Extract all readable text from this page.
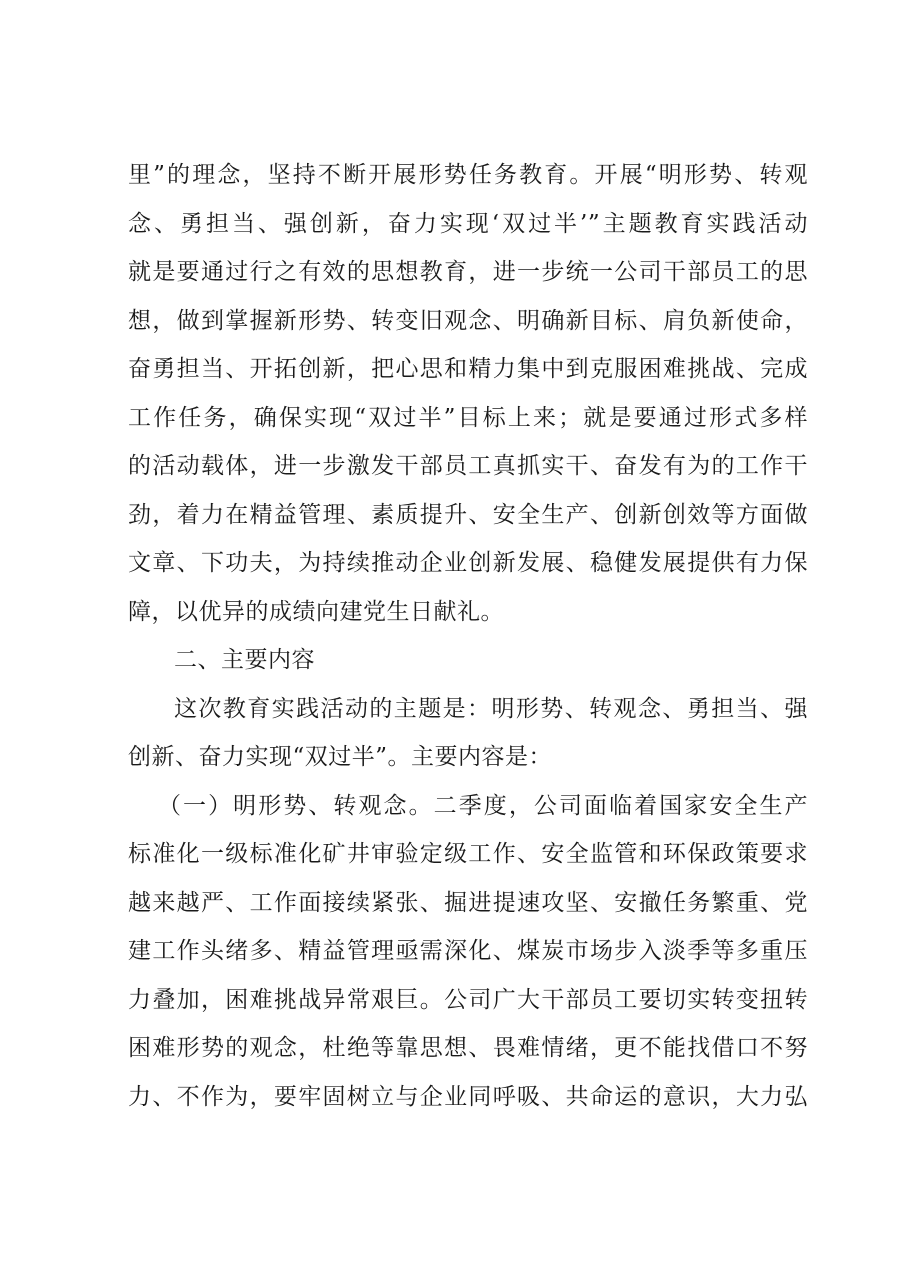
里”的理念，坚持不断开展形势任务教育。开展“明形势、转观
念、勇担当、强创新，奋力实现‘双过半’”主题教育实践活动
就是要通过行之有效的思想教育，进一步统一公司干部员工的思
想，做到掌握新形势、转变旧观念、明确新目标、肩负新使命，
奋勇担当、开拓创新，把心思和精力集中到克服困难挑战、完成
工作任务，确保实现“双过半”目标上来；就是要通过形式多样
的活动载体，进一步激发干部员工真抓实干、奋发有为的工作干
劲，着力在精益管理、素质提升、安全生产、创新创效等方面做
文章、下功夫，为持续推动企业创新发展、稳健发展提供有力保
障，以优异的成绩向建党生日献礼。
二、主要内容
这次教育实践活动的主题是：明形势、转观念、勇担当、强
创新、奋力实现“双过半”。主要内容是：
（一）明形势、转观念。二季度，公司面临着国家安全生产
标准化一级标准化矿井审验定级工作、安全监管和环保政策要求
越来越严、工作面接续紧张、掘进提速攻坚、安撤任务繁重、党
建工作头绪多、精益管理亟需深化、煤炭市场步入淡季等多重压
力叠加，困难挑战异常艰巨。公司广大干部员工要切实转变扭转
困难形势的观念，杜绝等靠思想、畏难情绪，更不能找借口不努
力、不作为，要牢固树立与企业同呼吸、共命运的意识，大力弘
